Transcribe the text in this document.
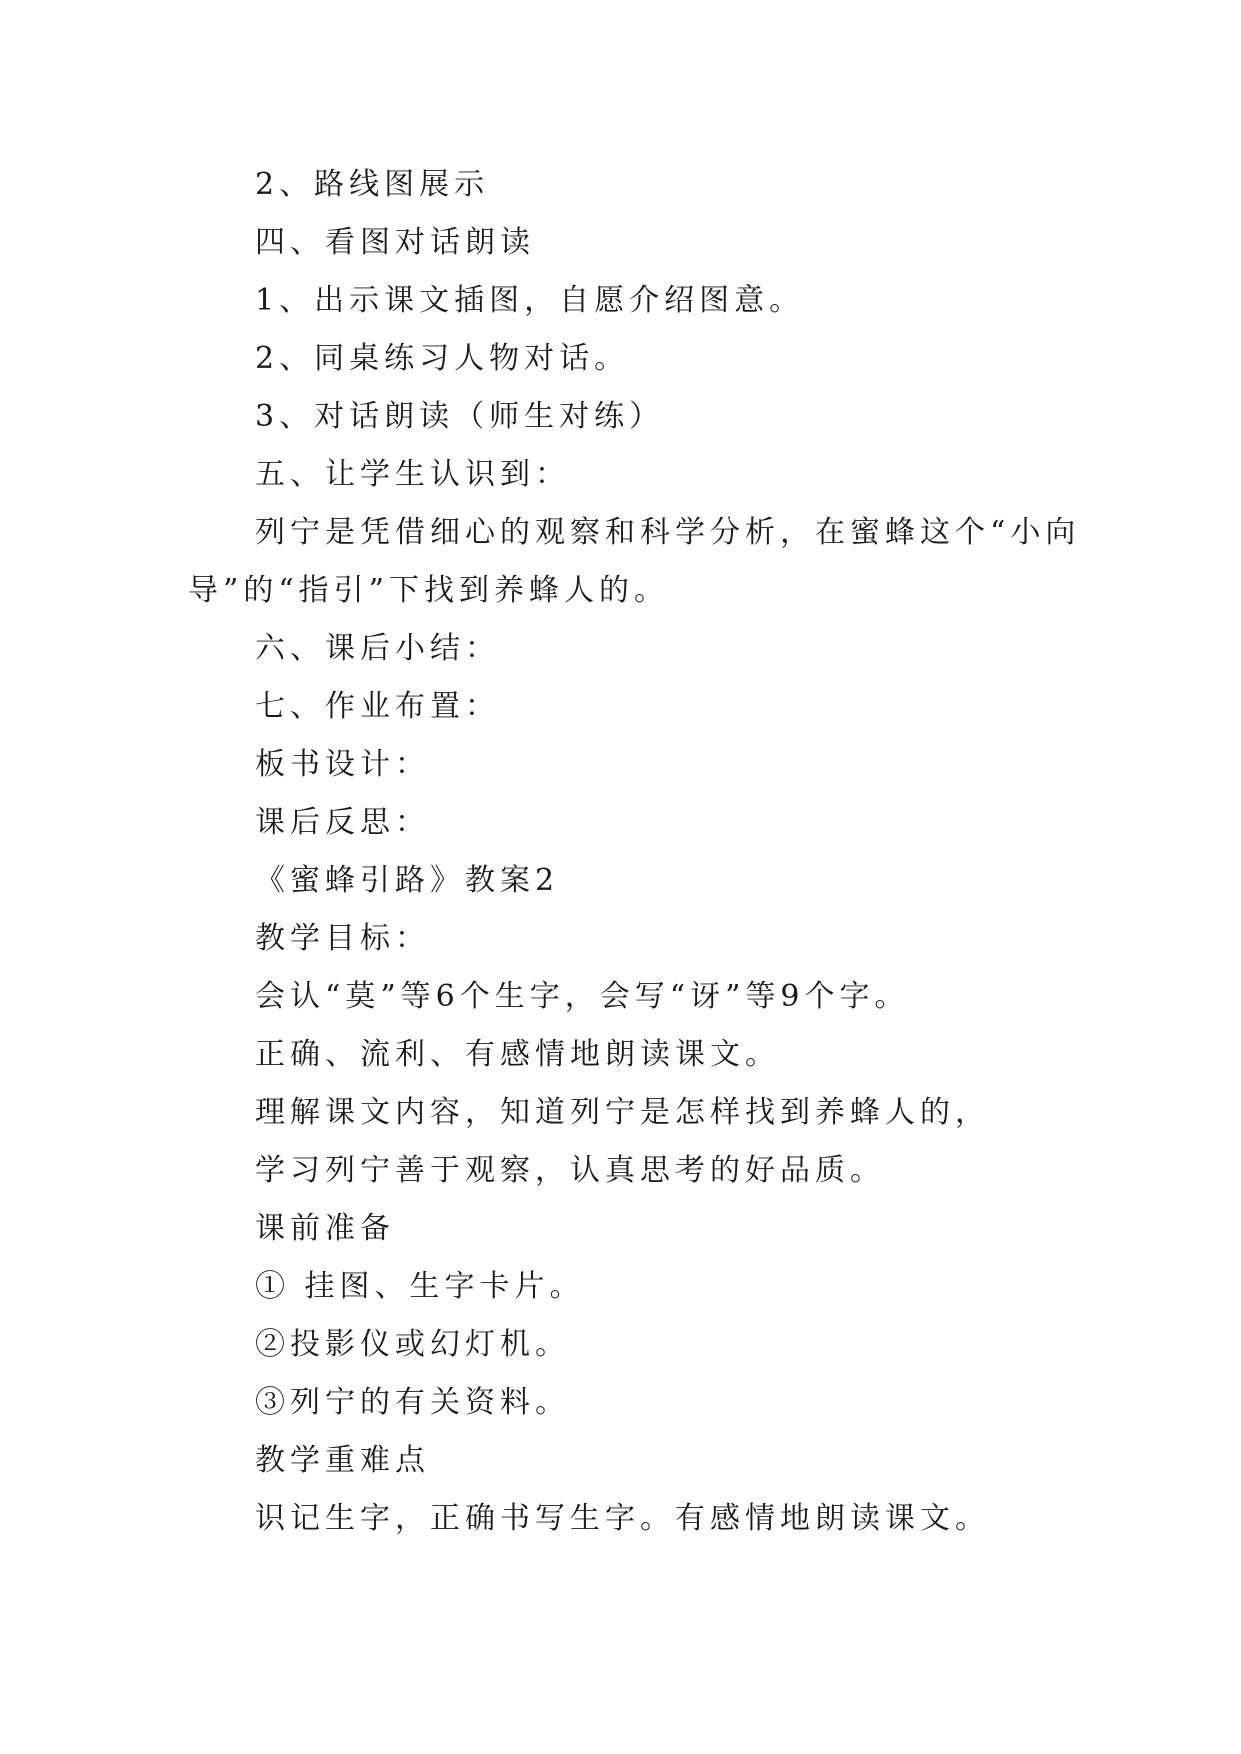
2、路线图展示
四、看图对话朗读
1、出示课文插图，自愿介绍图意。
2、同桌练习人物对话。
3、对话朗读（师生对练）
五、让学生认识到：
列宁是凭借细心的观察和科学分析，在蜜蜂这个“小向
导”的“指引”下找到养蜂人的。
六、课后小结：
七、作业布置：
板书设计：
课后反思：
《蜜蜂引路》教案2
教学目标：
会认“莫”等6个生字，会写“讶”等9个字。
正确、流利、有感情地朗读课文。
理解课文内容，知道列宁是怎样找到养蜂人的，
学习列宁善于观察，认真思考的好品质。
课前准备
① 挂图、生字卡片。
②投影仪或幻灯机。
③列宁的有关资料。
教学重难点
识记生字，正确书写生字。有感情地朗读课文。
